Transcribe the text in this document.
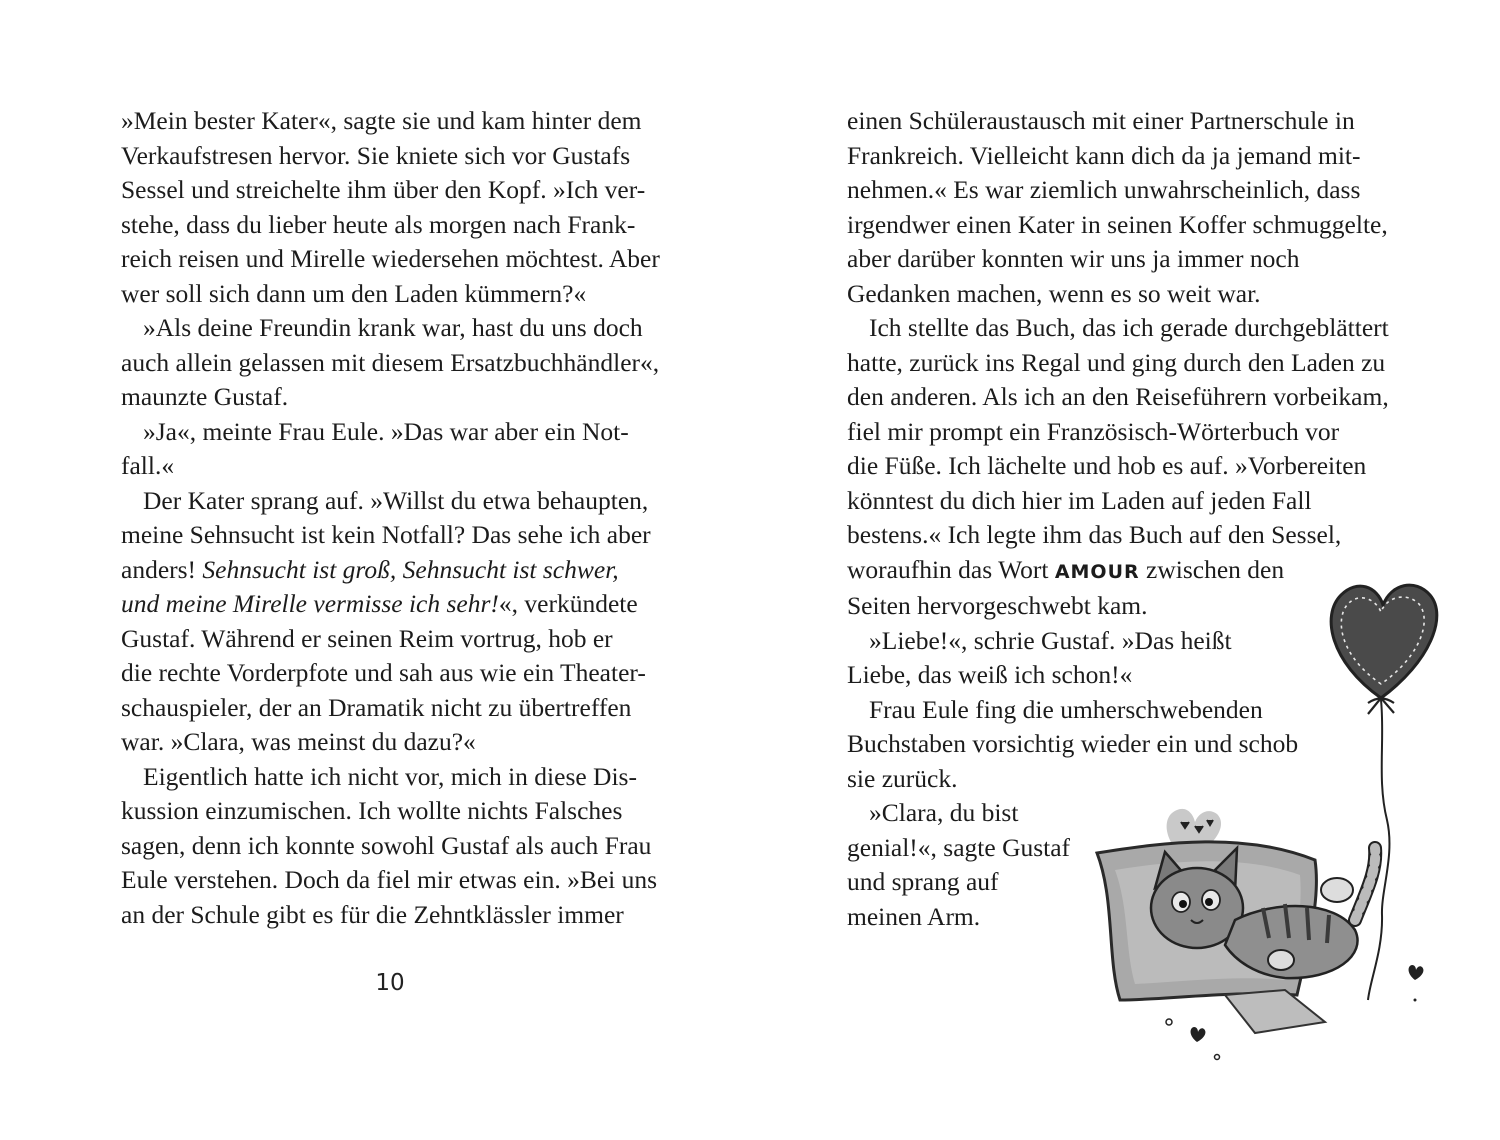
»Mein bester Kater«, sagte sie und kam hinter dem
Verkaufstresen hervor. Sie kniete sich vor Gustafs
Sessel und streichelte ihm über den Kopf. »Ich ver-
stehe, dass du lieber heute als morgen nach Frank-
reich reisen und Mirelle wiedersehen möchtest. Aber
wer soll sich dann um den Laden kümmern?«
»Als deine Freundin krank war, hast du uns doch
auch allein gelassen mit diesem Ersatzbuchhändler«,
maunzte Gustaf.
»Ja«, meinte Frau Eule. »Das war aber ein Not-
fall.«
Der Kater sprang auf. »Willst du etwa behaupten,
meine Sehnsucht ist kein Notfall? Das sehe ich aber
anders! Sehnsucht ist groß, Sehnsucht ist schwer,
und meine Mirelle vermisse ich sehr!«, verkündete
Gustaf. Während er seinen Reim vortrug, hob er
die rechte Vorderpfote und sah aus wie ein Theater-
schauspieler, der an Dramatik nicht zu übertreffen
war. »Clara, was meinst du dazu?«
Eigentlich hatte ich nicht vor, mich in diese Dis-
kussion einzumischen. Ich wollte nichts Falsches
sagen, denn ich konnte sowohl Gustaf als auch Frau
Eule verstehen. Doch da fiel mir etwas ein. »Bei uns
an der Schule gibt es für die Zehntklässler immer
10
einen Schüleraustausch mit einer Partnerschule in
Frankreich. Vielleicht kann dich da ja jemand mit-
nehmen.« Es war ziemlich unwahrscheinlich, dass
irgendwer einen Kater in seinen Koffer schmuggelte,
aber darüber konnten wir uns ja immer noch
Gedanken machen, wenn es so weit war.
Ich stellte das Buch, das ich gerade durchgeblättert
hatte, zurück ins Regal und ging durch den Laden zu
den anderen. Als ich an den Reiseführern vorbeikam,
fiel mir prompt ein Französisch-Wörterbuch vor
die Füße. Ich lächelte und hob es auf. »Vorbereiten
könntest du dich hier im Laden auf jeden Fall
bestens.« Ich legte ihm das Buch auf den Sessel,
woraufhin das Wort AMOUR zwischen den
Seiten hervorgeschwebt kam.
»Liebe!«, schrie Gustaf. »Das heißt
Liebe, das weiß ich schon!«
Frau Eule fing die umherschwebenden
Buchstaben vorsichtig wieder ein und schob
sie zurück.
»Clara, du bist
genial!«, sagte Gustaf
und sprang auf
meinen Arm.
